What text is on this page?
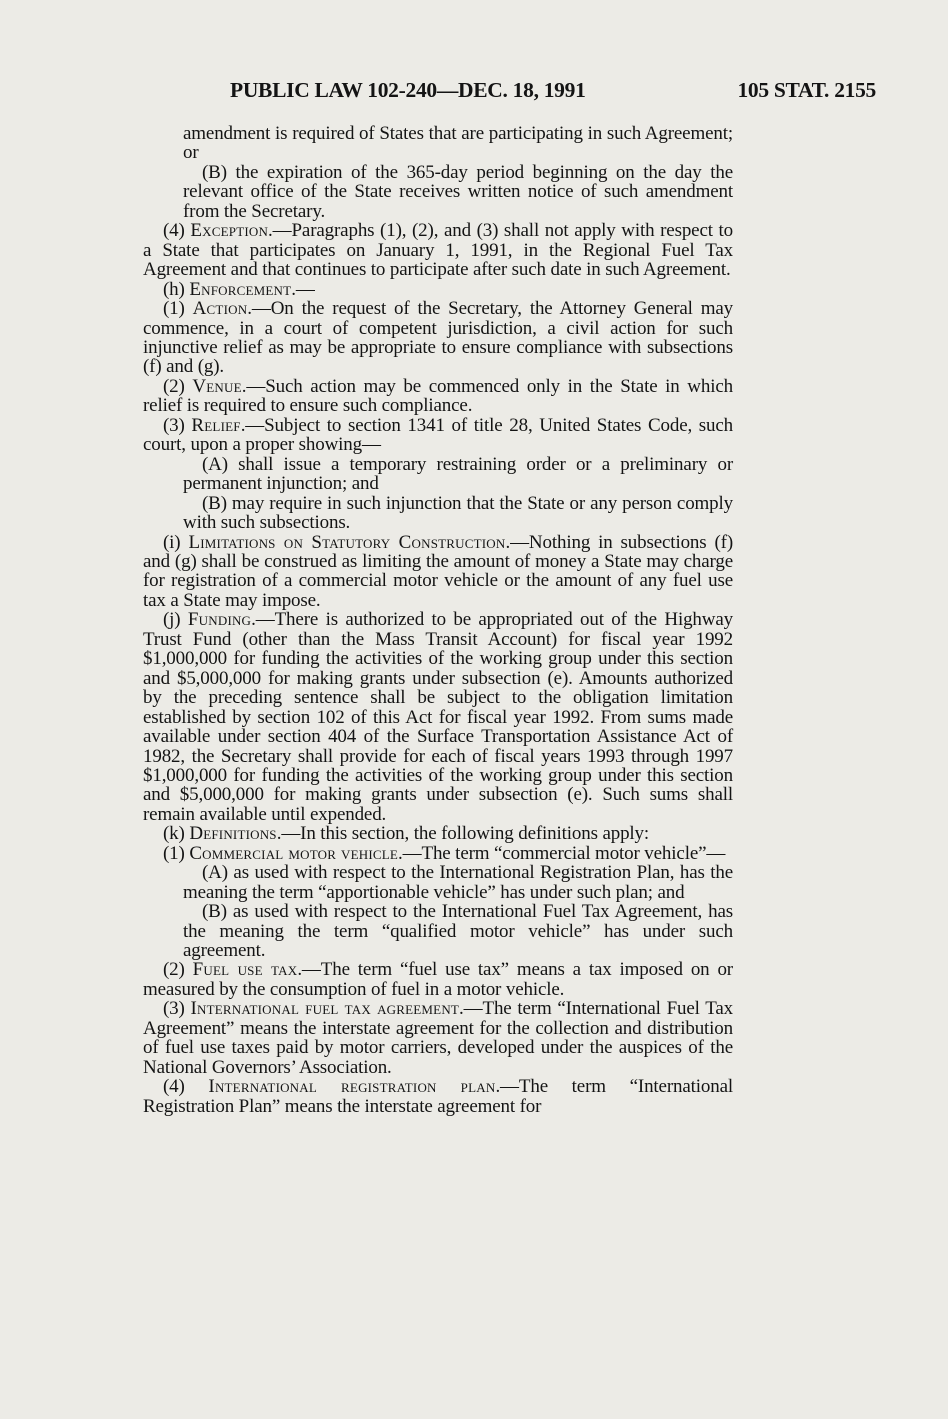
PUBLIC LAW 102-240—DEC. 18, 1991	105 STAT. 2155

amendment is required of States that are participating in such Agreement; or

(B) the expiration of the 365-day period beginning on the day the relevant office of the State receives written notice of such amendment from the Secretary.

(4) Exception.—Paragraphs (1), (2), and (3) shall not apply with respect to a State that participates on January 1, 1991, in the Regional Fuel Tax Agreement and that continues to participate after such date in such Agreement.

(h) Enforcement.—

(1) Action.—On the request of the Secretary, the Attorney General may commence, in a court of competent jurisdiction, a civil action for such injunctive relief as may be appropriate to ensure compliance with subsections (f) and (g).

(2) Venue.—Such action may be commenced only in the State in which relief is required to ensure such compliance.

(3) Relief.—Subject to section 1341 of title 28, United States Code, such court, upon a proper showing—

(A) shall issue a temporary restraining order or a preliminary or permanent injunction; and

(B) may require in such injunction that the State or any person comply with such subsections.

(i) Limitations on Statutory Construction.—Nothing in subsections (f) and (g) shall be construed as limiting the amount of money a State may charge for registration of a commercial motor vehicle or the amount of any fuel use tax a State may impose.

(j) Funding.—There is authorized to be appropriated out of the Highway Trust Fund (other than the Mass Transit Account) for fiscal year 1992 $1,000,000 for funding the activities of the working group under this section and $5,000,000 for making grants under subsection (e). Amounts authorized by the preceding sentence shall be subject to the obligation limitation established by section 102 of this Act for fiscal year 1992. From sums made available under section 404 of the Surface Transportation Assistance Act of 1982, the Secretary shall provide for each of fiscal years 1993 through 1997 $1,000,000 for funding the activities of the working group under this section and $5,000,000 for making grants under subsection (e). Such sums shall remain available until expended.

(k) Definitions.—In this section, the following definitions apply:

(1) Commercial motor vehicle.—The term “commercial motor vehicle”—

(A) as used with respect to the International Registration Plan, has the meaning the term “apportionable vehicle” has under such plan; and

(B) as used with respect to the International Fuel Tax Agreement, has the meaning the term “qualified motor vehicle” has under such agreement.

(2) Fuel use tax.—The term “fuel use tax” means a tax imposed on or measured by the consumption of fuel in a motor vehicle.

(3) International fuel tax agreement.—The term “International Fuel Tax Agreement” means the interstate agreement for the collection and distribution of fuel use taxes paid by motor carriers, developed under the auspices of the National Governors’ Association.

(4) International registration plan.—The term “International Registration Plan” means the interstate agreement for
